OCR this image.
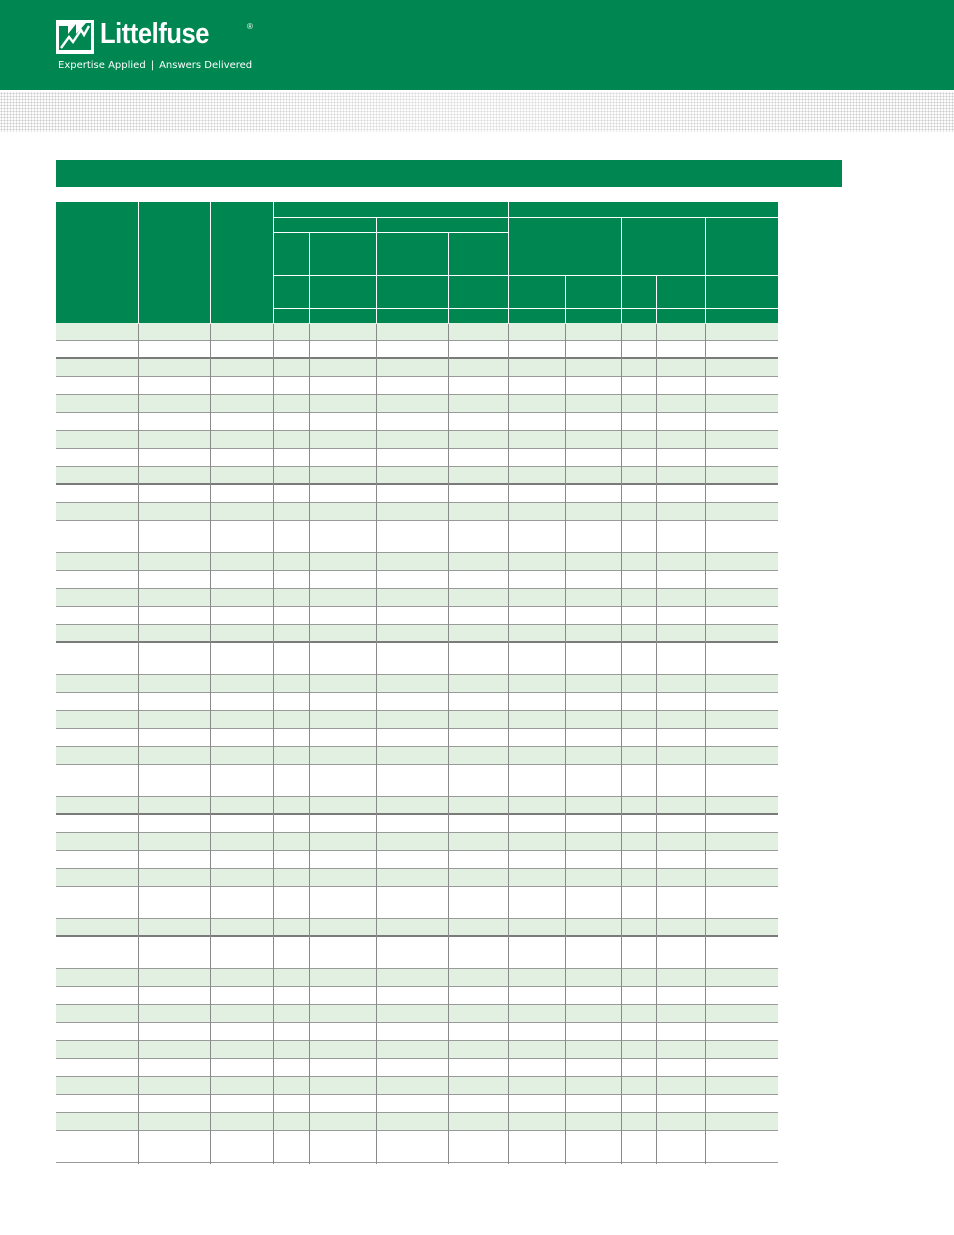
Littelfuse	®
Expertise Applied | Answers Delivered
